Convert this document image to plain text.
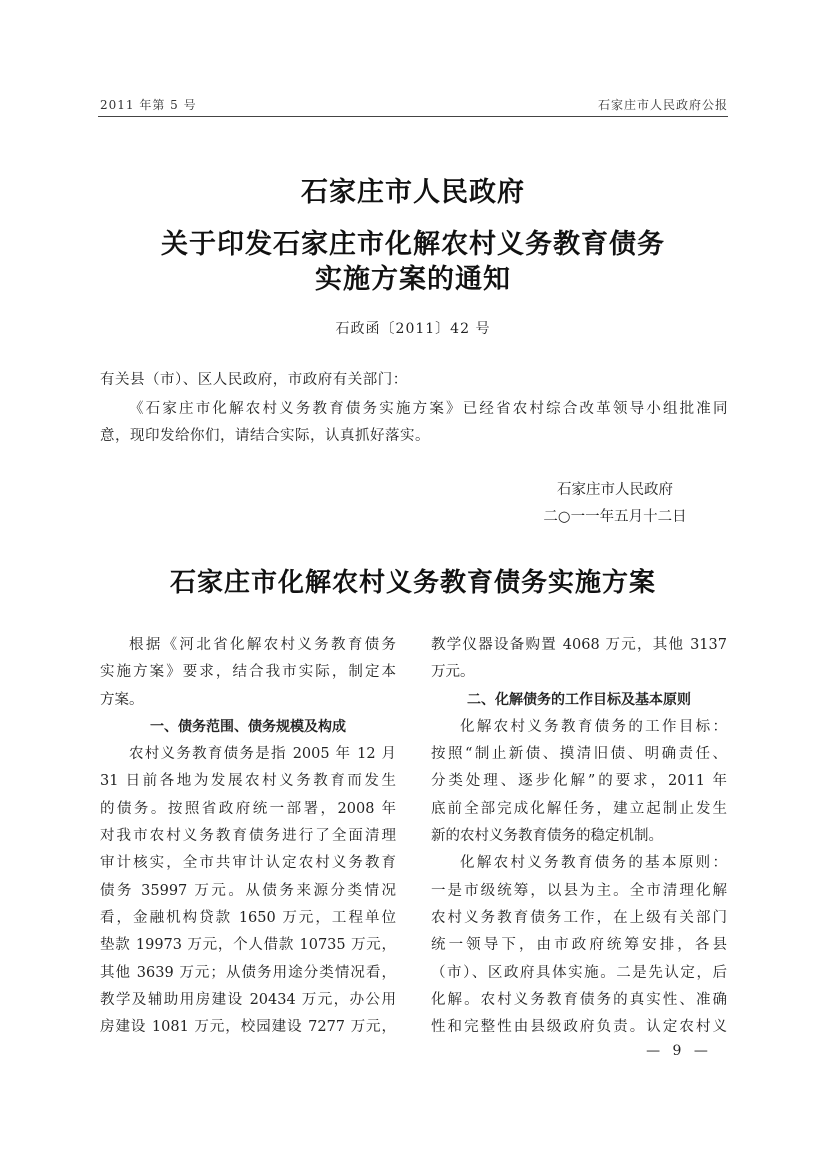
2011 年第 5 号	石家庄市人民政府公报
石家庄市人民政府
关于印发石家庄市化解农村义务教育债务
实施方案的通知
石政函〔2011〕42 号
有关县（市）、区人民政府，市政府有关部门：
《石家庄市化解农村义务教育债务实施方案》已经省农村综合改革领导小组批准同
意，现印发给你们，请结合实际，认真抓好落实。
石家庄市人民政府
二○一一年五月十二日
石家庄市化解农村义务教育债务实施方案
根据《河北省化解农村义务教育债务
实施方案》要求，结合我市实际，制定本
方案。
一、债务范围、债务规模及构成
农村义务教育债务是指 2005 年 12 月
31 日前各地为发展农村义务教育而发生
的债务。按照省政府统一部署，2008 年
对我市农村义务教育债务进行了全面清理
审计核实，全市共审计认定农村义务教育
债务 35997 万元。从债务来源分类情况
看，金融机构贷款 1650 万元，工程单位
垫款 19973 万元，个人借款 10735 万元，
其他 3639 万元；从债务用途分类情况看，
教学及辅助用房建设 20434 万元，办公用
房建设 1081 万元，校园建设 7277 万元，
教学仪器设备购置 4068 万元，其他 3137
万元。
二、化解债务的工作目标及基本原则
化解农村义务教育债务的工作目标：
按照“制止新债、摸清旧债、明确责任、
分类处理、逐步化解”的要求，2011 年
底前全部完成化解任务，建立起制止发生
新的农村义务教育债务的稳定机制。
化解农村义务教育债务的基本原则：
一是市级统筹，以县为主。全市清理化解
农村义务教育债务工作，在上级有关部门
统一领导下，由市政府统筹安排，各县
（市）、区政府具体实施。二是先认定，后
化解。农村义务教育债务的真实性、准确
性和完整性由县级政府负责。认定农村义
— 9 —
